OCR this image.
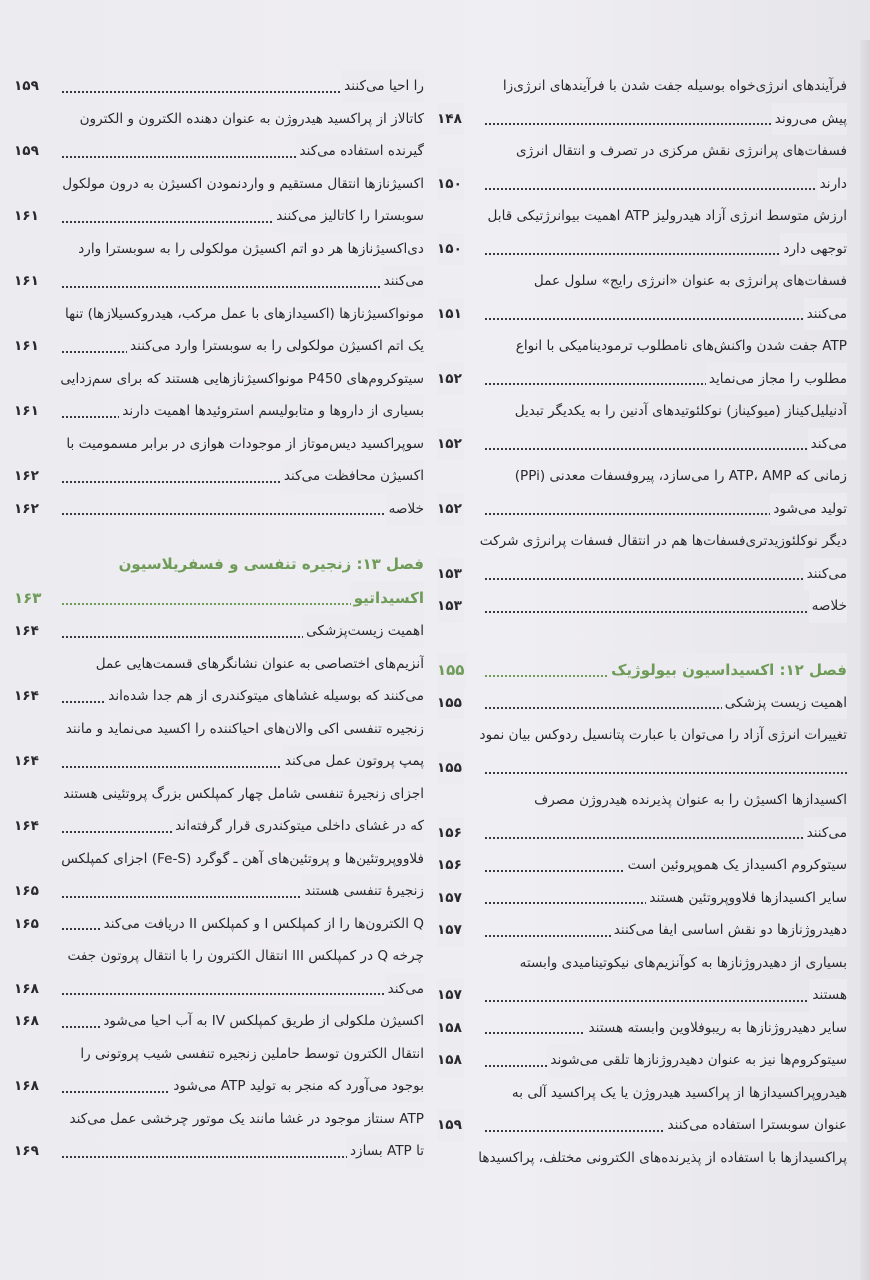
فرآیندهای انرژی‌خواه بوسیله جفت شدن با فرآیندهای انرژی‌زا
پیش می‌روند
۱۴۸
فسفات‌های پرانرژی نقش مرکزی در تصرف و انتقال انرژی
دارند
۱۵۰
ارزش متوسط انرژی آزاد هیدرولیز ATP اهمیت بیوانرژتیکی قابل
توجهی دارد
۱۵۰
فسفات‌های پرانرژی به عنوان «انرژی رایج» سلول عمل
می‌کنند
۱۵۱
ATP جفت شدن واکنش‌های نامطلوب ترمودینامیکی با انواع
مطلوب را مجاز می‌نماید
۱۵۲
آدنیلیل‌کیناز (میوکیناز) نوکلئوتیدهای آدنین را به یکدیگر تبدیل
می‌کند
۱۵۲
زمانی که ATP، AMP را می‌سازد، پیروفسفات معدنی (PPi)
تولید می‌شود
۱۵۲
دیگر نوکلئوزیدتری‌فسفات‌ها هم در انتقال فسفات پرانرژی شرکت
می‌کنند
۱۵۳
خلاصه
۱۵۳
فصل ۱۲: اکسیداسیون بیولوژیک
۱۵۵
اهمیت زیست پزشکی
۱۵۵
تغییرات انرژی آزاد را می‌توان با عبارت پتانسیل ردوکس بیان نمود
۱۵۵
اکسیدازها اکسیژن را به عنوان پذیرنده هیدروژن مصرف
می‌کنند
۱۵۶
سیتوکروم اکسیداز یک هموپروئین است
۱۵۶
سایر اکسیدازها فلاووپروتئین هستند
۱۵۷
دهیدروژنازها دو نقش اساسی ایفا می‌کنند
۱۵۷
بسیاری از دهیدروژنازها به کوآنزیم‌های نیکوتینامیدی وابسته
هستند
۱۵۷
سایر دهیدروژنازها به ریبوفلاوین وابسته هستند
۱۵۸
سیتوکروم‌ها نیز به عنوان دهیدروژنازها تلقی می‌شوند
۱۵۸
هیدروپراکسیدازها از پراکسید هیدروژن یا یک پراکسید آلی به
عنوان سوبسترا استفاده می‌کنند
۱۵۹
پراکسیدازها با استفاده از پذیرنده‌های الکترونی مختلف، پراکسیدها
را احیا می‌کنند
۱۵۹
کاتالاز از پراکسید هیدروژن به عنوان دهنده الکترون و الکترون
گیرنده استفاده می‌کند
۱۵۹
اکسیژنازها انتقال مستقیم و واردنمودن اکسیژن به درون مولکول
سوبسترا را کاتالیز می‌کنند
۱۶۱
دی‌اکسیژنازها هر دو اتم اکسیژن مولکولی را به سوبسترا وارد
می‌کنند
۱۶۱
مونواکسیژنازها (اکسیدازهای با عمل مرکب، هیدروکسیلازها) تنها
یک اتم اکسیژن مولکولی را به سوبسترا وارد می‌کنند
۱۶۱
سیتوکروم‌های P450 مونواکسیژنازهایی هستند که برای سم‌زدایی
بسیاری از داروها و متابولیسم استروئیدها اهمیت دارند
۱۶۱
سوپراکسید دیس‌موتاز از موجودات هوازی در برابر مسمومیت با
اکسیژن محافظت می‌کند
۱۶۲
خلاصه
۱۶۲
فصل ۱۳: زنجیره تنفسی و فسفریلاسیون
اکسیداتیو
۱۶۳
اهمیت زیست‌پزشکی
۱۶۴
آنزیم‌های اختصاصی به عنوان نشانگرهای قسمت‌هایی عمل
می‌کنند که بوسیله غشاهای میتوکندری از هم جدا شده‌اند
۱۶۴
زنجیره تنفسی اکی والان‌های احیاکننده را اکسید می‌نماید و مانند
پمپ پروتون عمل می‌کند
۱۶۴
اجزای زنجیرهٔ تنفسی شامل چهار کمپلکس بزرگ پروتئینی هستند
که در غشای داخلی میتوکندری قرار گرفته‌اند
۱۶۴
فلاووپروتئین‌ها و پروتئین‌های آهن ـ گوگرد (Fe-S) اجزای کمپلکس
زنجیرهٔ تنفسی هستند
۱۶۵
Q الکترون‌ها را از کمپلکس I و کمپلکس II دریافت می‌کند
۱۶۵
چرخه Q در کمپلکس III انتقال الکترون را با انتقال پروتون جفت
می‌کند
۱۶۸
اکسیژن ملکولی از طریق کمپلکس IV به آب احیا می‌شود
۱۶۸
انتقال الکترون توسط حاملین زنجیره تنفسی شیب پروتونی را
بوجود می‌آورد که منجر به تولید ATP می‌شود
۱۶۸
ATP سنتاز موجود در غشا مانند یک موتور چرخشی عمل می‌کند
تا ATP بسازد
۱۶۹
